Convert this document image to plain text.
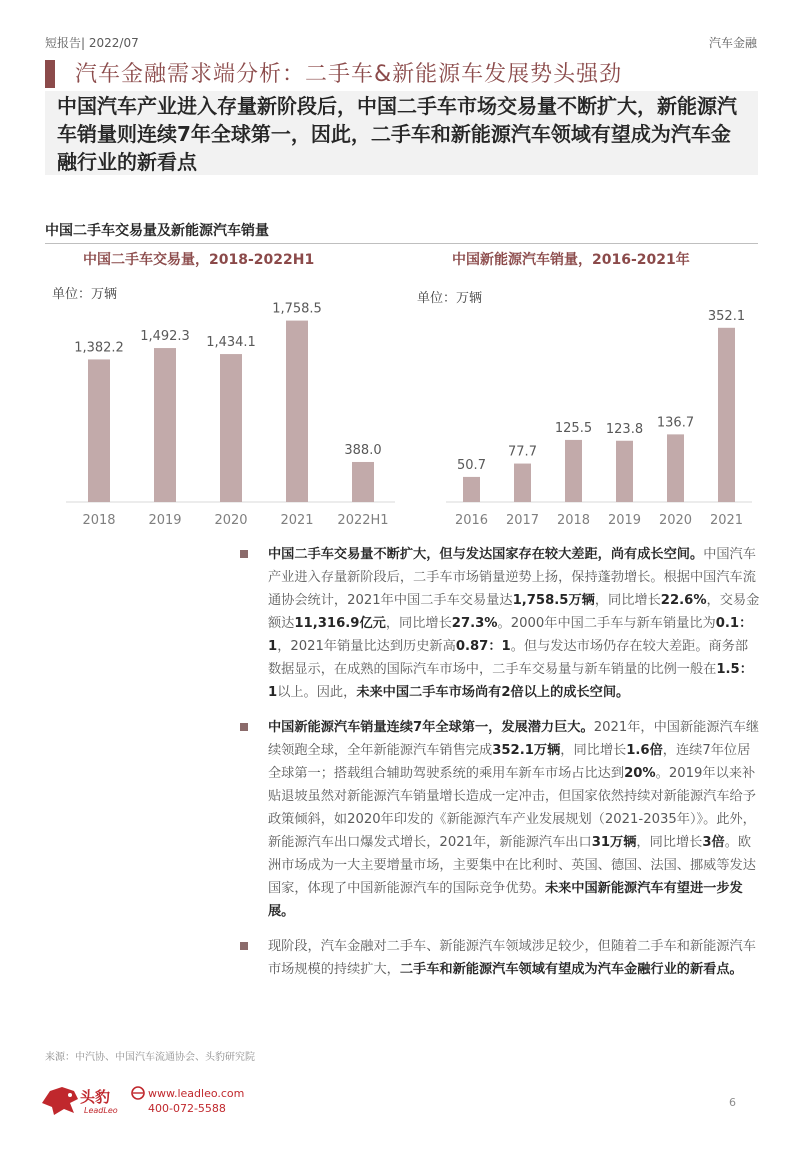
短报告| 2022/07	汽车金融
汽车金融需求端分析：二手车&新能源车发展势头强劲
中国汽车产业进入存量新阶段后，中国二手车市场交易量不断扩大，新能源汽车销量则连续7年全球第一，因此，二手车和新能源汽车领域有望成为汽车金融行业的新看点
中国二手车交易量及新能源汽车销量
中国二手车交易量，2018-2022H1
单位：万辆
1,382.2
2018
1,492.3
2019
1,434.1
2020
1,758.5
2021
388.0
2022H1
中国新能源汽车销量，2016-2021年
单位：万辆
50.7
2016
77.7
2017
125.5
2018
123.8
2019
136.7
2020
352.1
2021
中国二手车交易量不断扩大，但与发达国家存在较大差距，尚有成长空间。中国汽车产业进入存量新阶段后，二手车市场销量逆势上扬，保持蓬勃增长。根据中国汽车流通协会统计，2021年中国二手车交易量达1,758.5万辆，同比增长22.6%，交易金额达11,316.9亿元，同比增长27.3%。2000年中国二手车与新车销量比为0.1：1，2021年销量比达到历史新高0.87：1。但与发达市场仍存在较大差距。商务部数据显示，在成熟的国际汽车市场中，二手车交易量与新车销量的比例一般在1.5：1以上。因此，未来中国二手车市场尚有2倍以上的成长空间。
中国新能源汽车销量连续7年全球第一，发展潜力巨大。2021年，中国新能源汽车继续领跑全球，全年新能源汽车销售完成352.1万辆，同比增长1.6倍，连续7年位居全球第一；搭载组合辅助驾驶系统的乘用车新车市场占比达到20%。2019年以来补贴退坡虽然对新能源汽车销量增长造成一定冲击，但国家依然持续对新能源汽车给予政策倾斜，如2020年印发的《新能源汽车产业发展规划（2021-2035年）》。此外，新能源汽车出口爆发式增长，2021年，新能源汽车出口31万辆，同比增长3倍。欧洲市场成为一大主要增量市场，主要集中在比利时、英国、德国、法国、挪威等发达国家，体现了中国新能源汽车的国际竞争优势。未来中国新能源汽车有望进一步发展。
现阶段，汽车金融对二手车、新能源汽车领域涉足较少，但随着二手车和新能源汽车市场规模的持续扩大，二手车和新能源汽车领域有望成为汽车金融行业的新看点。
来源：中汽协、中国汽车流通协会、头豹研究院
头豹
LeadLeo
www.leadleo.com
400-072-5588	6
